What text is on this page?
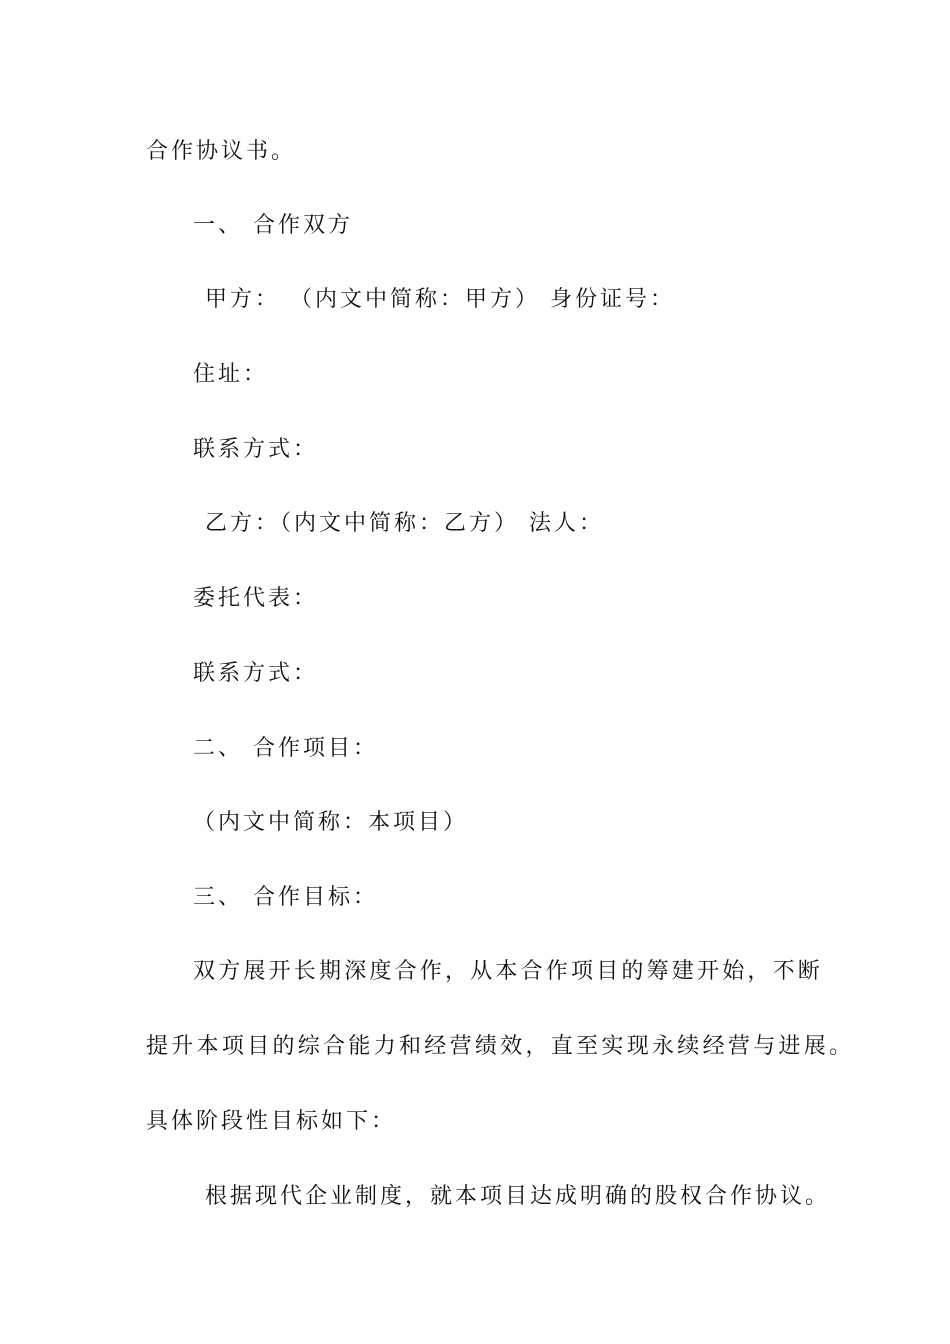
合作协议书。
一、 合作双方
甲方： （内文中简称：甲方） 身份证号：
住址：
联系方式：
乙方：（内文中简称：乙方） 法人：
委托代表：
联系方式：
二、 合作项目：
（内文中简称：本项目）
三、 合作目标：
双方展开长期深度合作，从本合作项目的筹建开始，不断
提升本项目的综合能力和经营绩效，直至实现永续经营与进展。
具体阶段性目标如下：
根据现代企业制度，就本项目达成明确的股权合作协议。
